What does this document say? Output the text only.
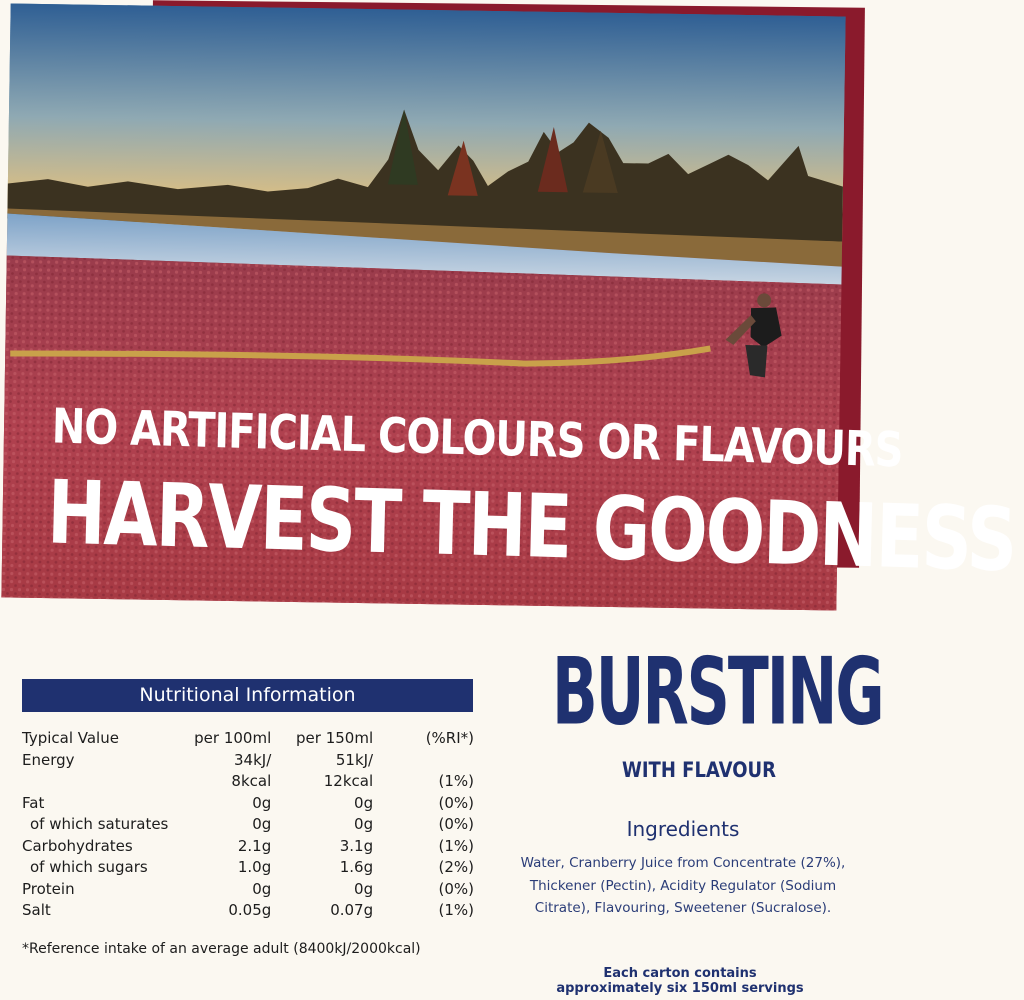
NO ARTIFICIAL COLOURS OR FLAVOURS
HARVEST THE GOODNESS
Nutritional Information
Typical Value	per 100ml	per 150ml	(%RI*)
Energy	34kJ/	51kJ/	
	8kcal	12kcal	(1%)
Fat	0g	0g	(0%)
of which saturates	0g	0g	(0%)
Carbohydrates	2.1g	3.1g	(1%)
of which sugars	1.0g	1.6g	(2%)
Protein	0g	0g	(0%)
Salt	0.05g	0.07g	(1%)
*Reference intake of an average adult (8400kJ/2000kcal)
BURSTING
WITH FLAVOUR
Ingredients
Water, Cranberry Juice from Concentrate (27%), Thickener (Pectin), Acidity Regulator (Sodium Citrate), Flavouring, Sweetener (Sucralose).
Each carton contains
approximately six 150ml servings
